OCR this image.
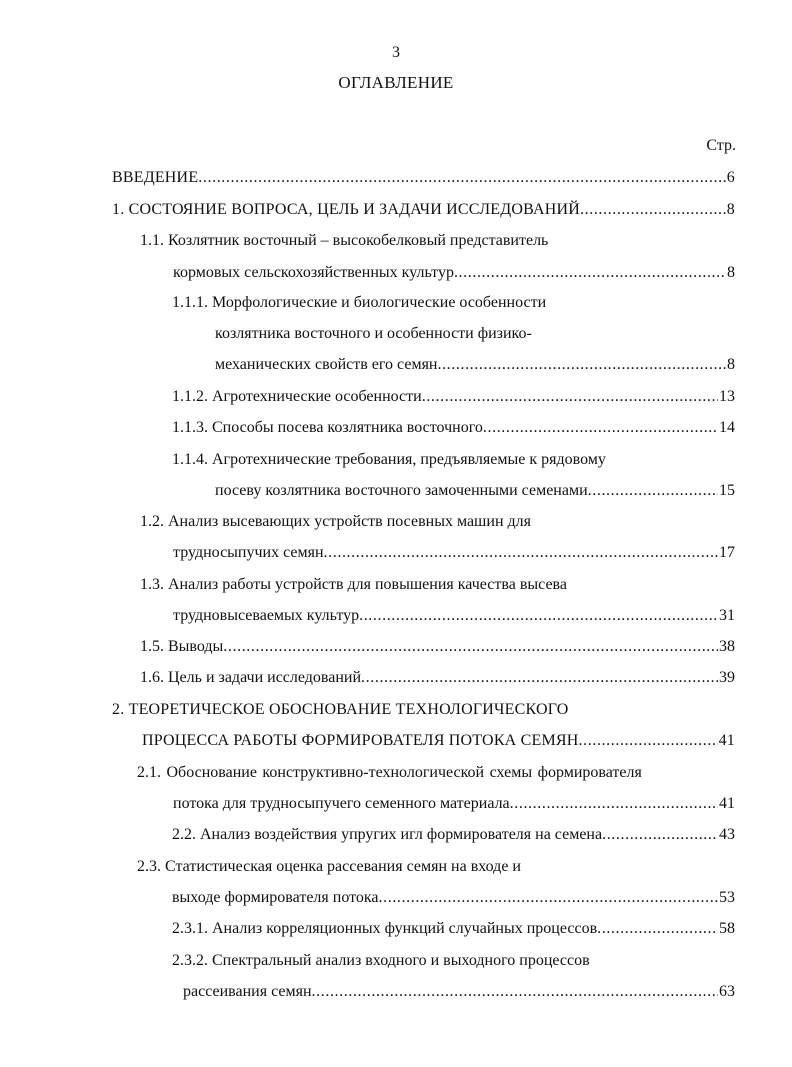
3
ОГЛАВЛЕНИЕ
Стр.
ВВЕДЕНИЕ .....	6
1. СОСТОЯНИЕ ВОПРОСА, ЦЕЛЬ И ЗАДАЧИ ИССЛЕДОВАНИЙ .....	8
1.1. Козлятник восточный – высокобелковый представитель
кормовых сельскохозяйственных культур .....	8
1.1.1. Морфологические и биологические особенности
козлятника восточного и особенности физико-
механических свойств его семян .....	8
1.1.2. Агротехнические особенности .....	13
1.1.3. Способы посева козлятника восточного .....	14
1.1.4. Агротехнические требования, предъявляемые к рядовому
посеву козлятника восточного замоченными семенами .....	15
1.2. Анализ высевающих устройств посевных машин для
трудносыпучих семян .....	17
1.3. Анализ работы устройств для повышения качества высева
трудновысеваемых культур .....	31
1.5. Выводы .....	38
1.6. Цель и задачи исследований .....	39
2. ТЕОРЕТИЧЕСКОЕ ОБОСНОВАНИЕ ТЕХНОЛОГИЧЕСКОГО
ПРОЦЕССА РАБОТЫ ФОРМИРОВАТЕЛЯ ПОТОКА СЕМЯН .....	41
2.1. Обоснование конструктивно-технологической схемы формирователя
потока для трудносыпучего семенного материала .....	41
2.2. Анализ воздействия упругих игл формирователя на семена .....	43
2.3. Статистическая оценка рассевания семян на входе и
выходе формирователя потока .....	53
2.3.1. Анализ корреляционных функций случайных процессов .....	58
2.3.2. Спектральный анализ входного и выходного процессов
рассеивания семян .....	63
